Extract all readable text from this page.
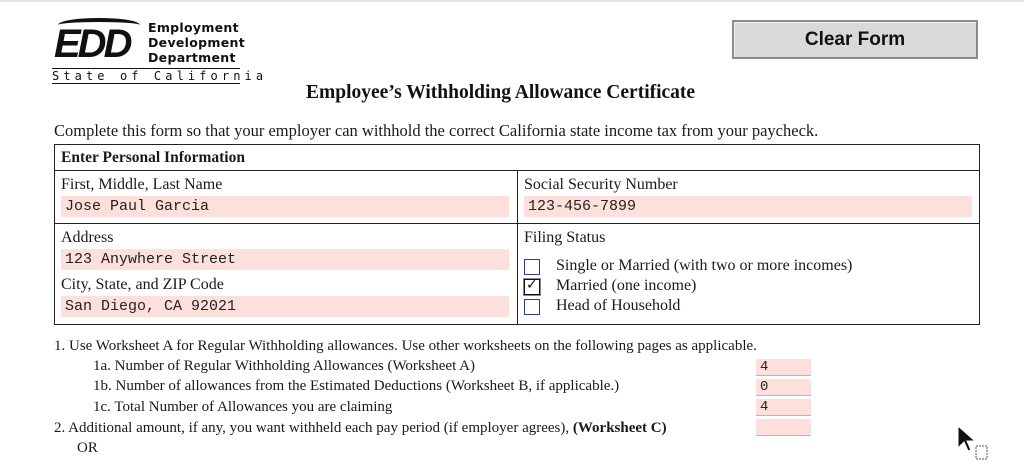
EDD Employment
Development
Department
State of California
Clear Form
Employee’s Withholding Allowance Certificate
Complete this form so that your employer can withhold the correct California state income tax from your paycheck.
Enter Personal Information
First, Middle, Last Name
Jose Paul Garcia
Social Security Number
123-456-7899
Address
123 Anywhere Street
City, State, and ZIP Code
San Diego, CA 92021
Filing Status
Single or Married (with two or more incomes)
✓ Married (one income)
Head of Household
1. Use Worksheet A for Regular Withholding allowances. Use other worksheets on the following pages as applicable.
1a. Number of Regular Withholding Allowances (Worksheet A)	4
1b. Number of allowances from the Estimated Deductions (Worksheet B, if applicable.)	0
1c. Total Number of Allowances you are claiming	4
2. Additional amount, if any, you want withheld each pay period (if employer agrees), (Worksheet C)
OR
